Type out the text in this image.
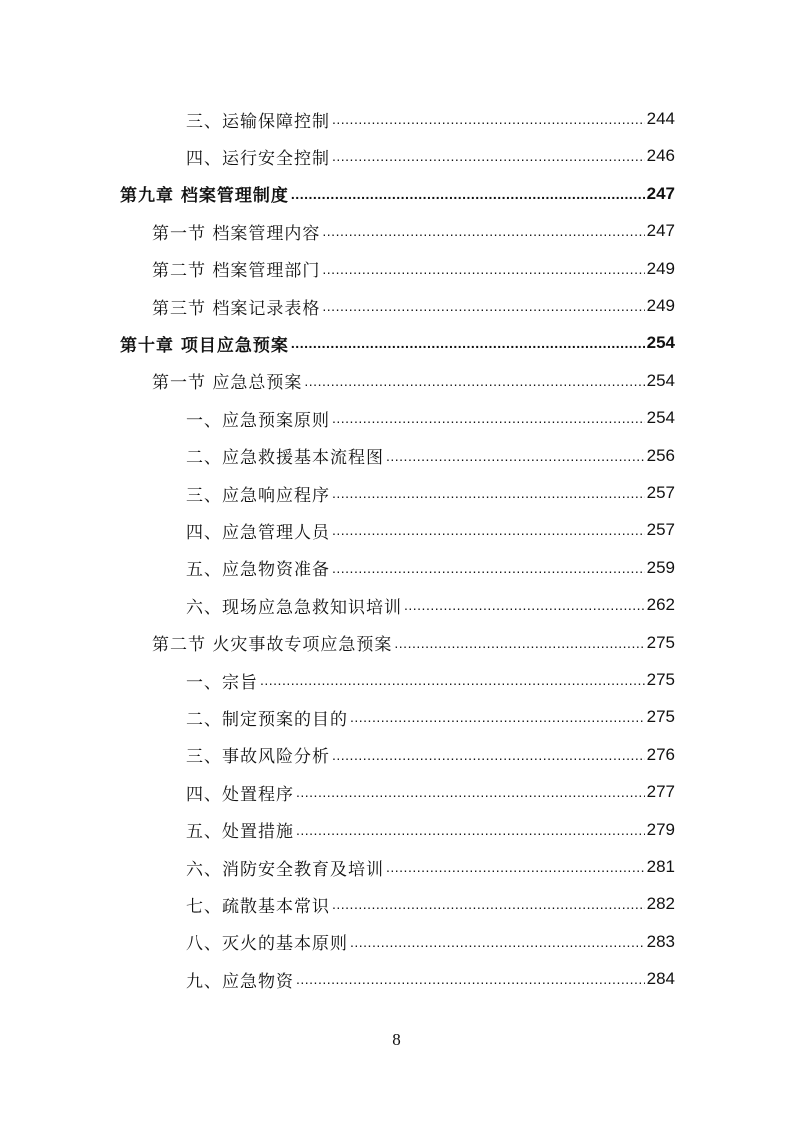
三、运输保障控制 .....	244
四、运行安全控制 .....	246
第九章 档案管理制度 .....	247
第一节 档案管理内容 .....	247
第二节 档案管理部门 .....	249
第三节 档案记录表格 .....	249
第十章 项目应急预案 .....	254
第一节 应急总预案 .....	254
一、应急预案原则 .....	254
二、应急救援基本流程图 .....	256
三、应急响应程序 .....	257
四、应急管理人员 .....	257
五、应急物资准备 .....	259
六、现场应急急救知识培训 .....	262
第二节 火灾事故专项应急预案 .....	275
一、宗旨 .....	275
二、制定预案的目的 .....	275
三、事故风险分析 .....	276
四、处置程序 .....	277
五、处置措施 .....	279
六、消防安全教育及培训 .....	281
七、疏散基本常识 .....	282
八、灭火的基本原则 .....	283
九、应急物资 .....	284
8
